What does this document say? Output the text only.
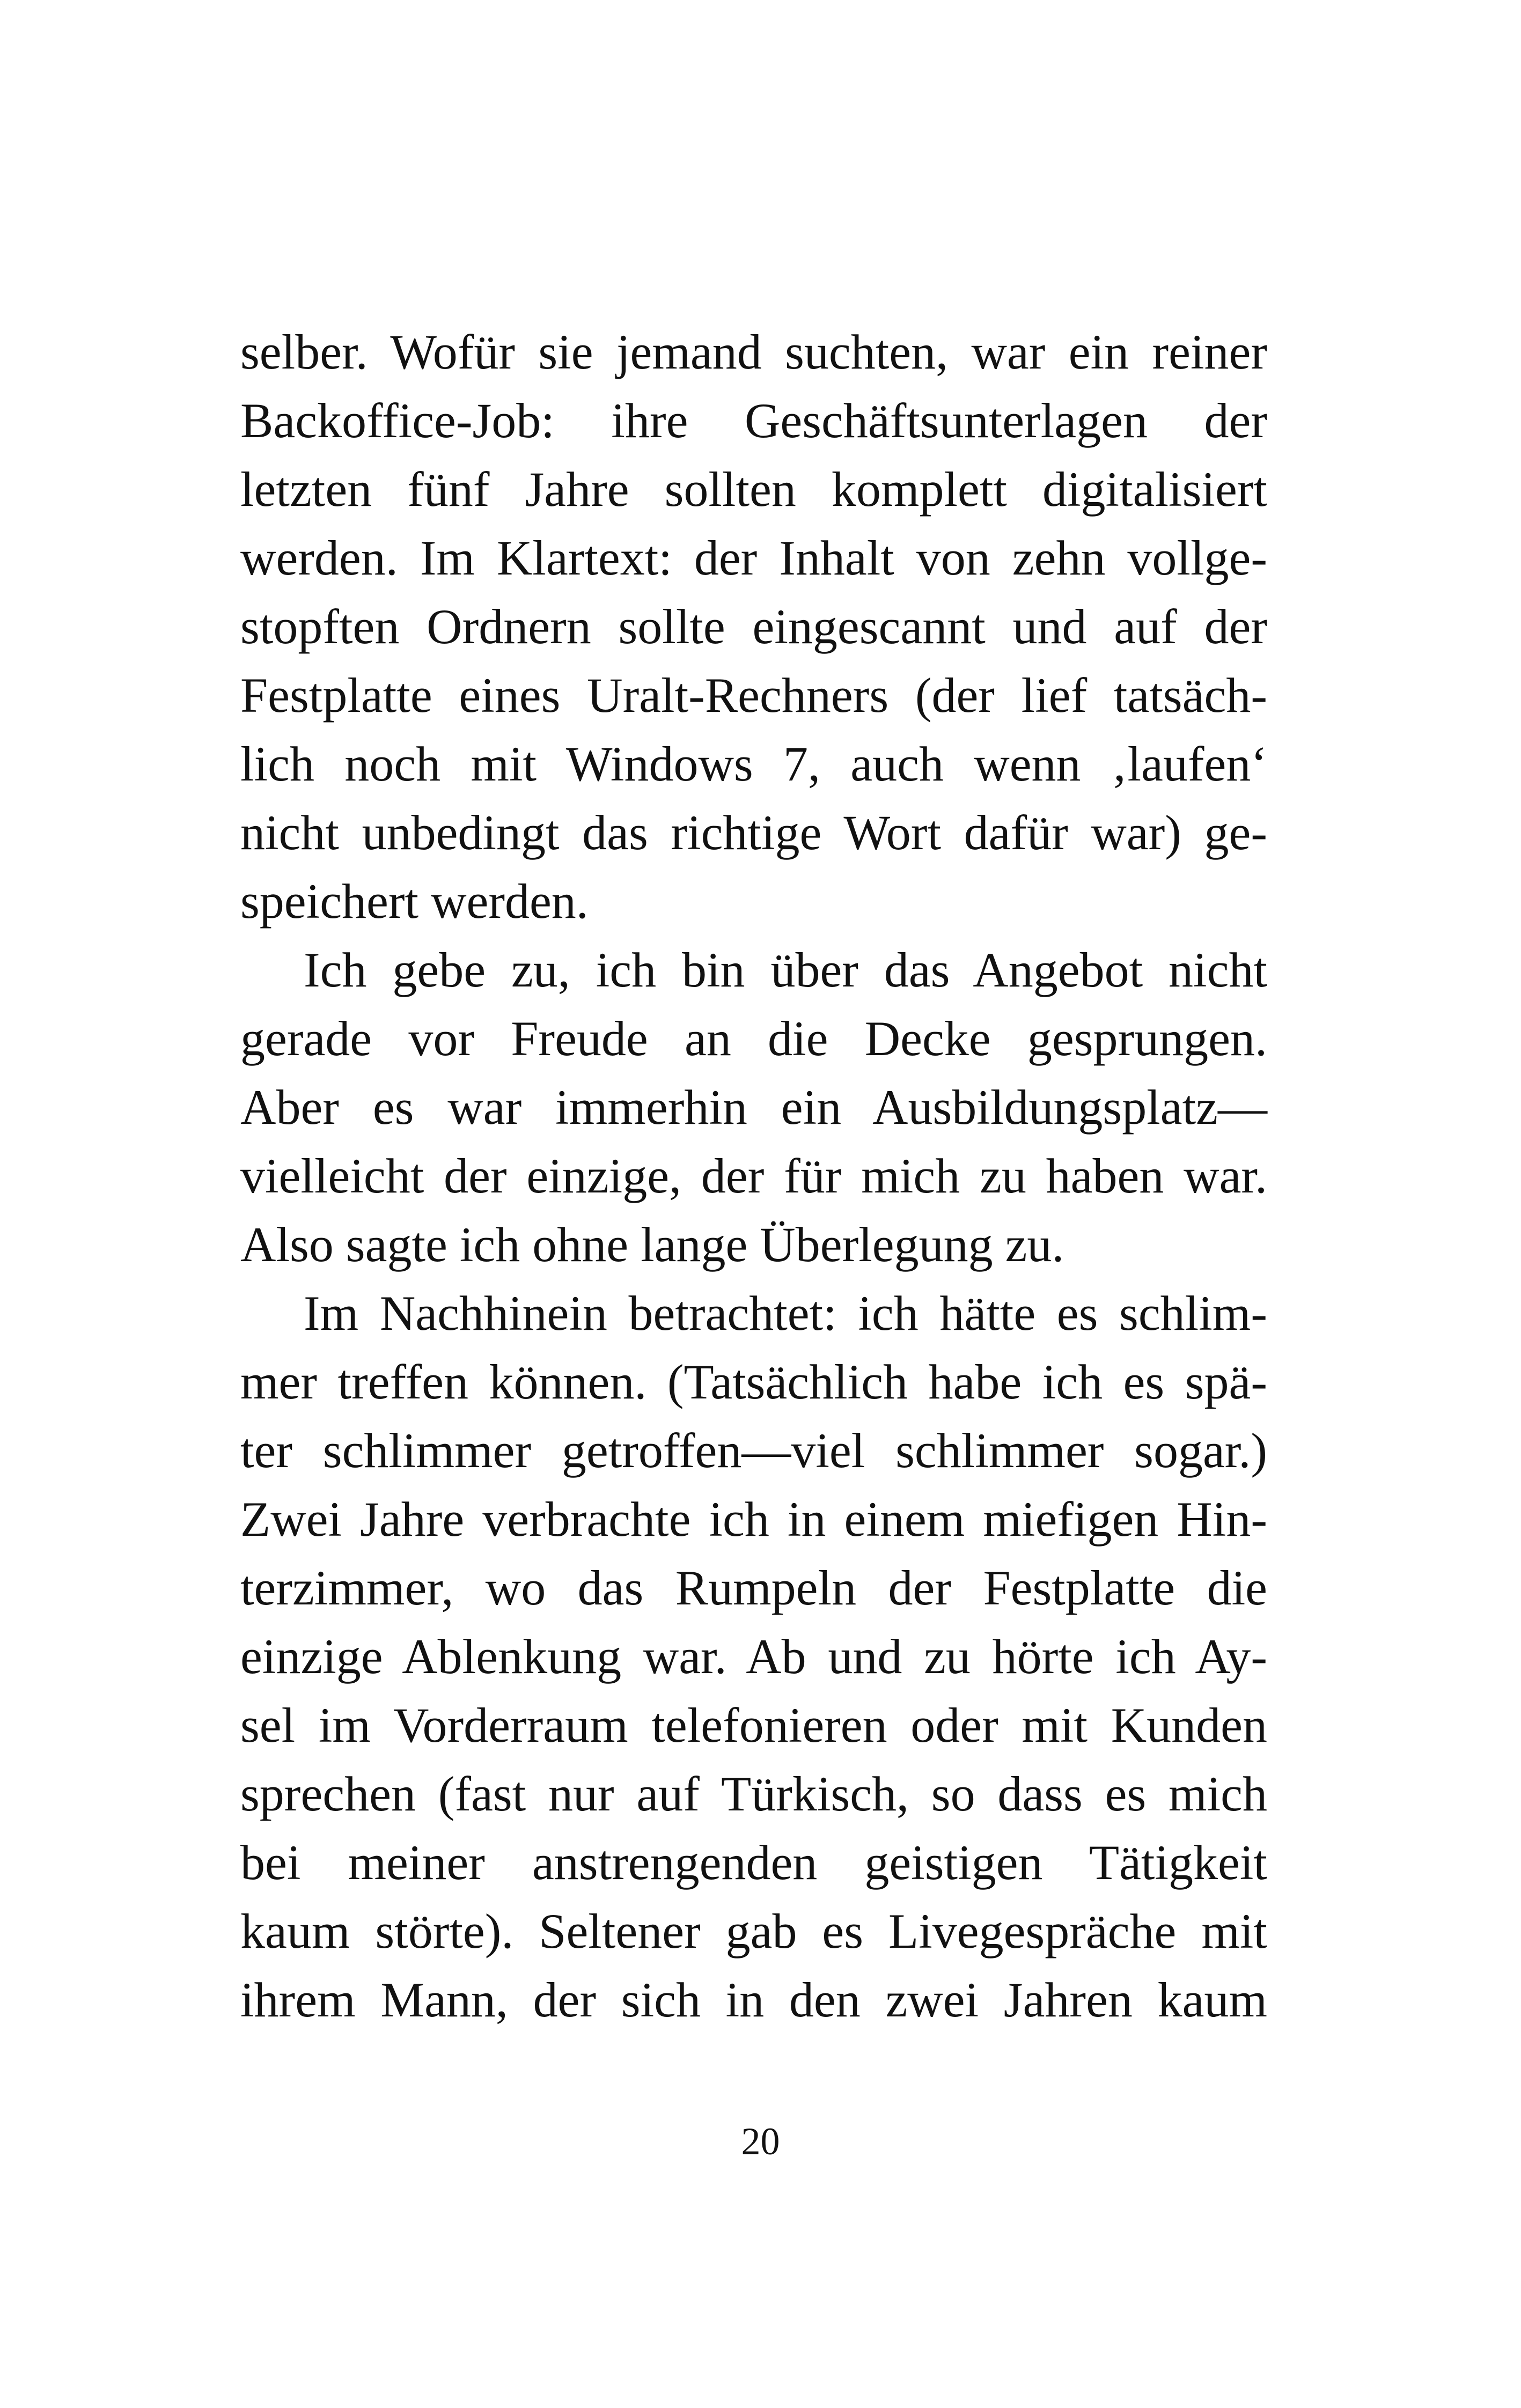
selber. Wofür sie jemand suchten, war ein reiner
Backoffice-Job: ihre Geschäftsunterlagen der
letzten fünf Jahre sollten komplett digitalisiert
werden. Im Klartext: der Inhalt von zehn vollge-
stopften Ordnern sollte eingescannt und auf der
Festplatte eines Uralt-Rechners (der lief tatsäch-
lich noch mit Windows 7, auch wenn ‚laufen‘
nicht unbedingt das richtige Wort dafür war) ge-
speichert werden.
Ich gebe zu, ich bin über das Angebot nicht
gerade vor Freude an die Decke gesprungen.
Aber es war immerhin ein Ausbildungsplatz—
vielleicht der einzige, der für mich zu haben war.
Also sagte ich ohne lange Überlegung zu.
Im Nachhinein betrachtet: ich hätte es schlim-
mer treffen können. (Tatsächlich habe ich es spä-
ter schlimmer getroffen—viel schlimmer sogar.)
Zwei Jahre verbrachte ich in einem miefigen Hin-
terzimmer, wo das Rumpeln der Festplatte die
einzige Ablenkung war. Ab und zu hörte ich Ay-
sel im Vorderraum telefonieren oder mit Kunden
sprechen (fast nur auf Türkisch, so dass es mich
bei meiner anstrengenden geistigen Tätigkeit
kaum störte). Seltener gab es Livegespräche mit
ihrem Mann, der sich in den zwei Jahren kaum
20
